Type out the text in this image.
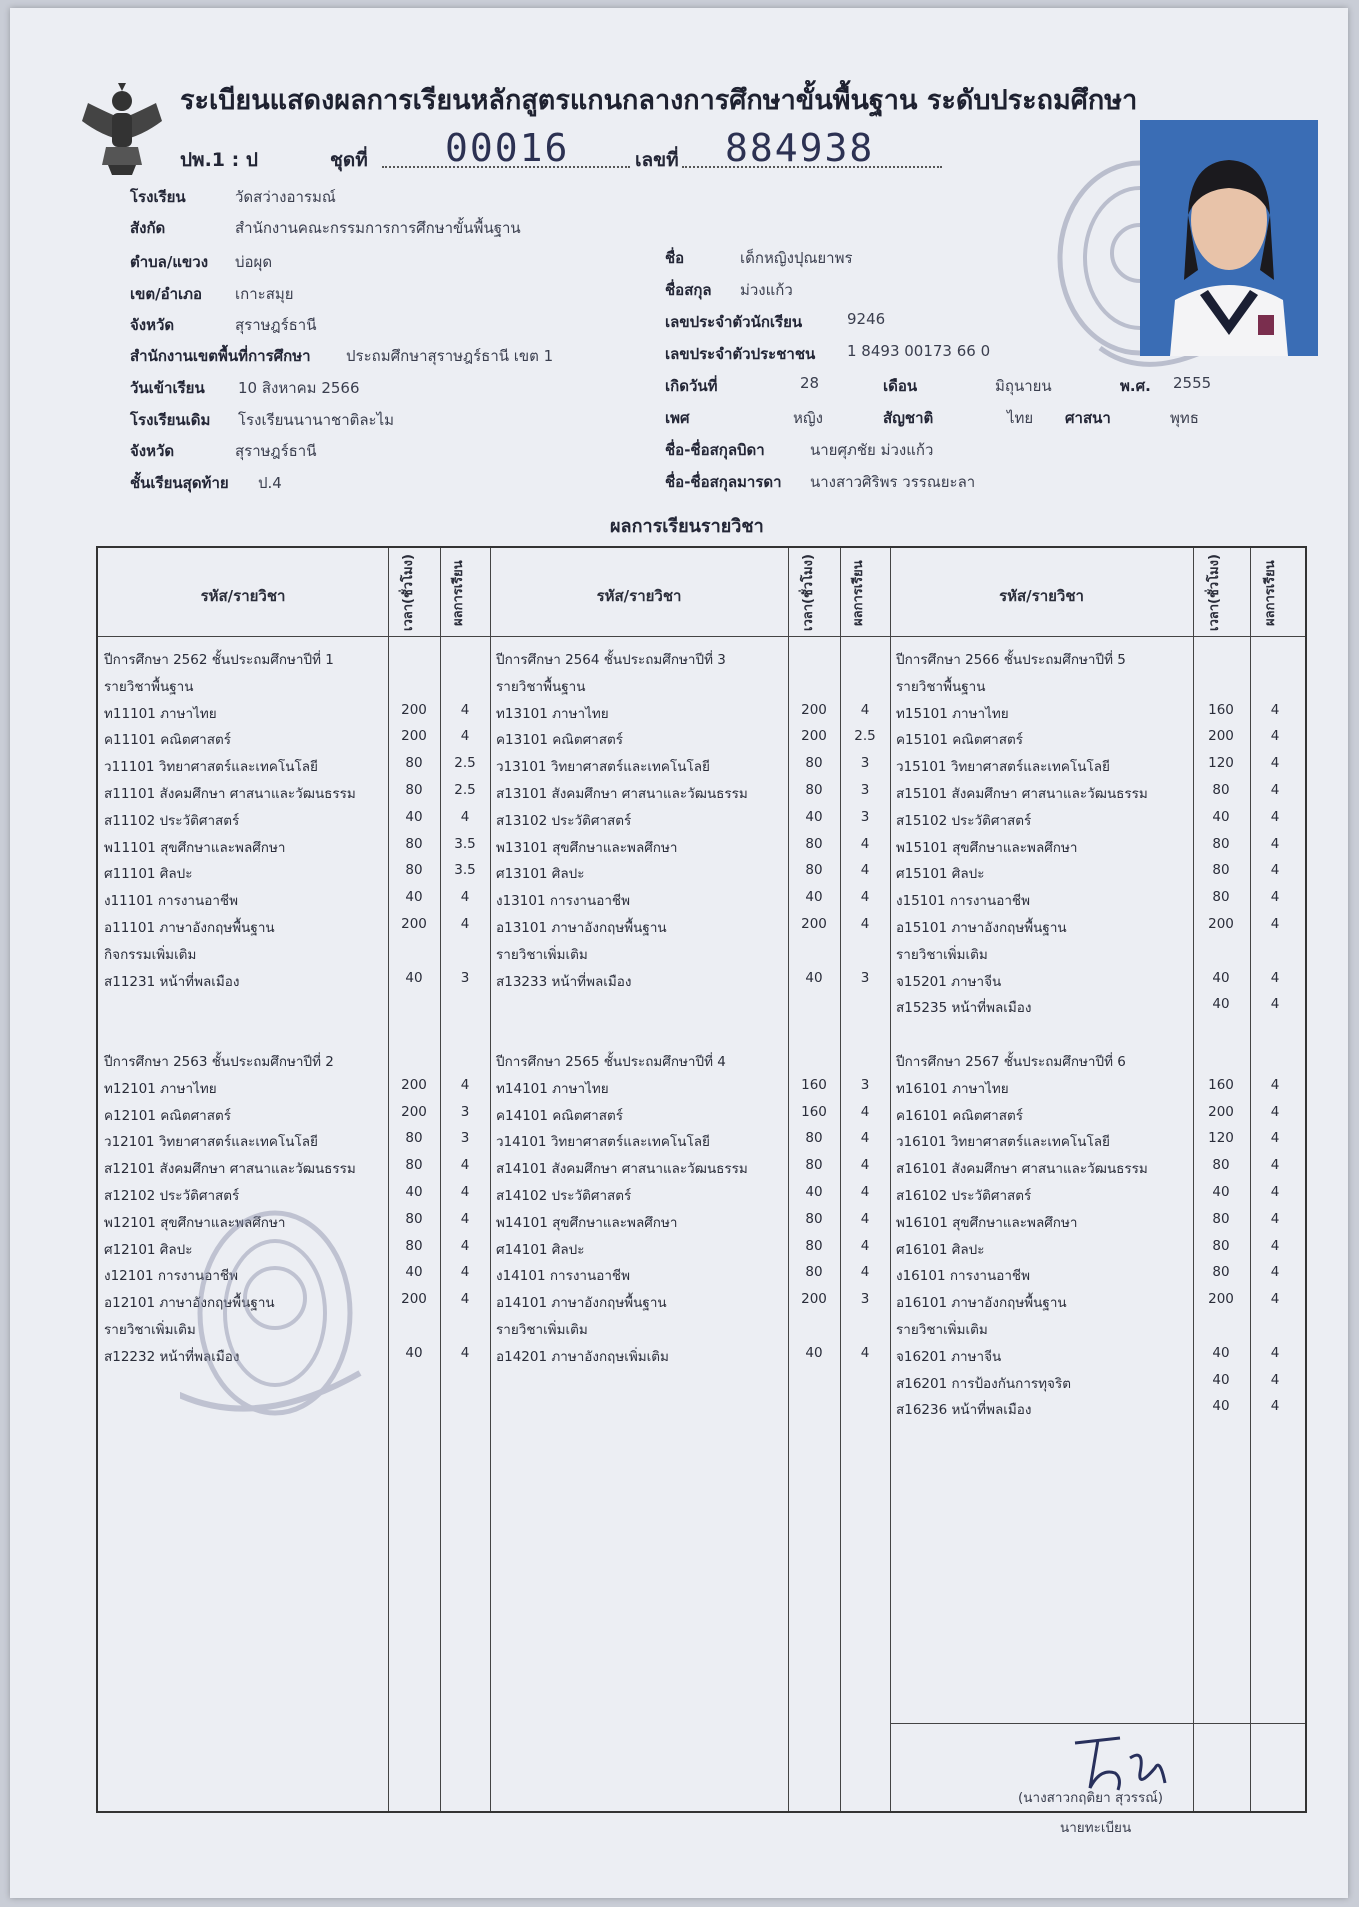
ระเบียนแสดงผลการเรียนหลักสูตรแกนกลางการศึกษาขั้นพื้นฐาน ระดับประถมศึกษา
ปพ.1 : ป	ชุดที่ 00016	เลขที่ 884938
โรงเรียน	วัดสว่างอารมณ์
สังกัด	สำนักงานคณะกรรมการการศึกษาขั้นพื้นฐาน
ตำบล/แขวง บ่อผุด
เขต/อำเภอ เกาะสมุย
จังหวัด	สุราษฎร์ธานี
สำนักงานเขตพื้นที่การศึกษา ประถมศึกษาสุราษฎร์ธานี เขต 1
วันเข้าเรียน 10 สิงหาคม 2566
โรงเรียนเดิม โรงเรียนนานาชาติละไม
จังหวัด	สุราษฎร์ธานี
ชั้นเรียนสุดท้าย ป.4
ชื่อ	เด็กหญิงปุณยาพร
ชื่อสกุล ม่วงแก้ว
เลขประจำตัวนักเรียน	9246
เลขประจำตัวประชาชน 1 8493 00173 66 0
เกิดวันที่	28	เดือน	มิถุนายน	พ.ศ. 2555
เพศ	หญิง	สัญชาติ	ไทย ศาสนา	พุทธ
ชื่อ-ชื่อสกุลบิดา	นายศุภชัย ม่วงแก้ว
ชื่อ-ชื่อสกุลมารดา นางสาวศิริพร วรรณยะลา
ผลการเรียนรายวิชา
รหัส/รายวิชา	เวลา(ชั่วโมง)	ผลการเรียน	รหัส/รายวิชา	เวลา(ชั่วโมง)	ผลการเรียน	รหัส/รายวิชา	เวลา(ชั่วโมง)	ผลการเรียน
ปีการศึกษา 2562 ชั้นประถมศึกษาปีที่ 1
รายวิชาพื้นฐาน
ท11101 ภาษาไทย	200	4
ค11101 คณิตศาสตร์	200	4
ว11101 วิทยาศาสตร์และเทคโนโลยี	80	2.5
ส11101 สังคมศึกษา ศาสนาและวัฒนธรรม	80	2.5
ส11102 ประวัติศาสตร์	40	4
พ11101 สุขศึกษาและพลศึกษา	80	3.5
ศ11101 ศิลปะ	80	3.5
ง11101 การงานอาชีพ	40	4
อ11101 ภาษาอังกฤษพื้นฐาน	200	4
กิจกรรมเพิ่มเติม
ส11231 หน้าที่พลเมือง	40	3
ปีการศึกษา 2563 ชั้นประถมศึกษาปีที่ 2
ท12101 ภาษาไทย	200	4
ค12101 คณิตศาสตร์	200	3
ว12101 วิทยาศาสตร์และเทคโนโลยี	80	3
ส12101 สังคมศึกษา ศาสนาและวัฒนธรรม	80	4
ส12102 ประวัติศาสตร์	40	4
พ12101 สุขศึกษาและพลศึกษา	80	4
ศ12101 ศิลปะ	80	4
ง12101 การงานอาชีพ	40	4
อ12101 ภาษาอังกฤษพื้นฐาน	200	4
รายวิชาเพิ่มเติม
ส12232 หน้าที่พลเมือง	40	4
ปีการศึกษา 2564 ชั้นประถมศึกษาปีที่ 3
รายวิชาพื้นฐาน
ท13101 ภาษาไทย	200	4
ค13101 คณิตศาสตร์	200	2.5
ว13101 วิทยาศาสตร์และเทคโนโลยี	80	3
ส13101 สังคมศึกษา ศาสนาและวัฒนธรรม	80	3
ส13102 ประวัติศาสตร์	40	3
พ13101 สุขศึกษาและพลศึกษา	80	4
ศ13101 ศิลปะ	80	4
ง13101 การงานอาชีพ	40	4
อ13101 ภาษาอังกฤษพื้นฐาน	200	4
รายวิชาเพิ่มเติม
ส13233 หน้าที่พลเมือง	40	3
ปีการศึกษา 2565 ชั้นประถมศึกษาปีที่ 4
ท14101 ภาษาไทย	160	3
ค14101 คณิตศาสตร์	160	4
ว14101 วิทยาศาสตร์และเทคโนโลยี	80	4
ส14101 สังคมศึกษา ศาสนาและวัฒนธรรม	80	4
ส14102 ประวัติศาสตร์	40	4
พ14101 สุขศึกษาและพลศึกษา	80	4
ศ14101 ศิลปะ	80	4
ง14101 การงานอาชีพ	80	4
อ14101 ภาษาอังกฤษพื้นฐาน	200	3
รายวิชาเพิ่มเติม
อ14201 ภาษาอังกฤษเพิ่มเติม	40	4
ปีการศึกษา 2566 ชั้นประถมศึกษาปีที่ 5
รายวิชาพื้นฐาน
ท15101 ภาษาไทย	160	4
ค15101 คณิตศาสตร์	200	4
ว15101 วิทยาศาสตร์และเทคโนโลยี	120	4
ส15101 สังคมศึกษา ศาสนาและวัฒนธรรม	80	4
ส15102 ประวัติศาสตร์	40	4
พ15101 สุขศึกษาและพลศึกษา	80	4
ศ15101 ศิลปะ	80	4
ง15101 การงานอาชีพ	80	4
อ15101 ภาษาอังกฤษพื้นฐาน	200	4
รายวิชาเพิ่มเติม
จ15201 ภาษาจีน	40	4
ส15235 หน้าที่พลเมือง	40	4
ปีการศึกษา 2567 ชั้นประถมศึกษาปีที่ 6
ท16101 ภาษาไทย	160	4
ค16101 คณิตศาสตร์	200	4
ว16101 วิทยาศาสตร์และเทคโนโลยี	120	4
ส16101 สังคมศึกษา ศาสนาและวัฒนธรรม	80	4
ส16102 ประวัติศาสตร์	40	4
พ16101 สุขศึกษาและพลศึกษา	80	4
ศ16101 ศิลปะ	80	4
ง16101 การงานอาชีพ	80	4
อ16101 ภาษาอังกฤษพื้นฐาน	200	4
รายวิชาเพิ่มเติม
จ16201 ภาษาจีน	40	4
ส16201 การป้องกันการทุจริต	40	4
ส16236 หน้าที่พลเมือง	40	4
(นางสาวกฤติยา สุวรรณ์)
นายทะเบียน
